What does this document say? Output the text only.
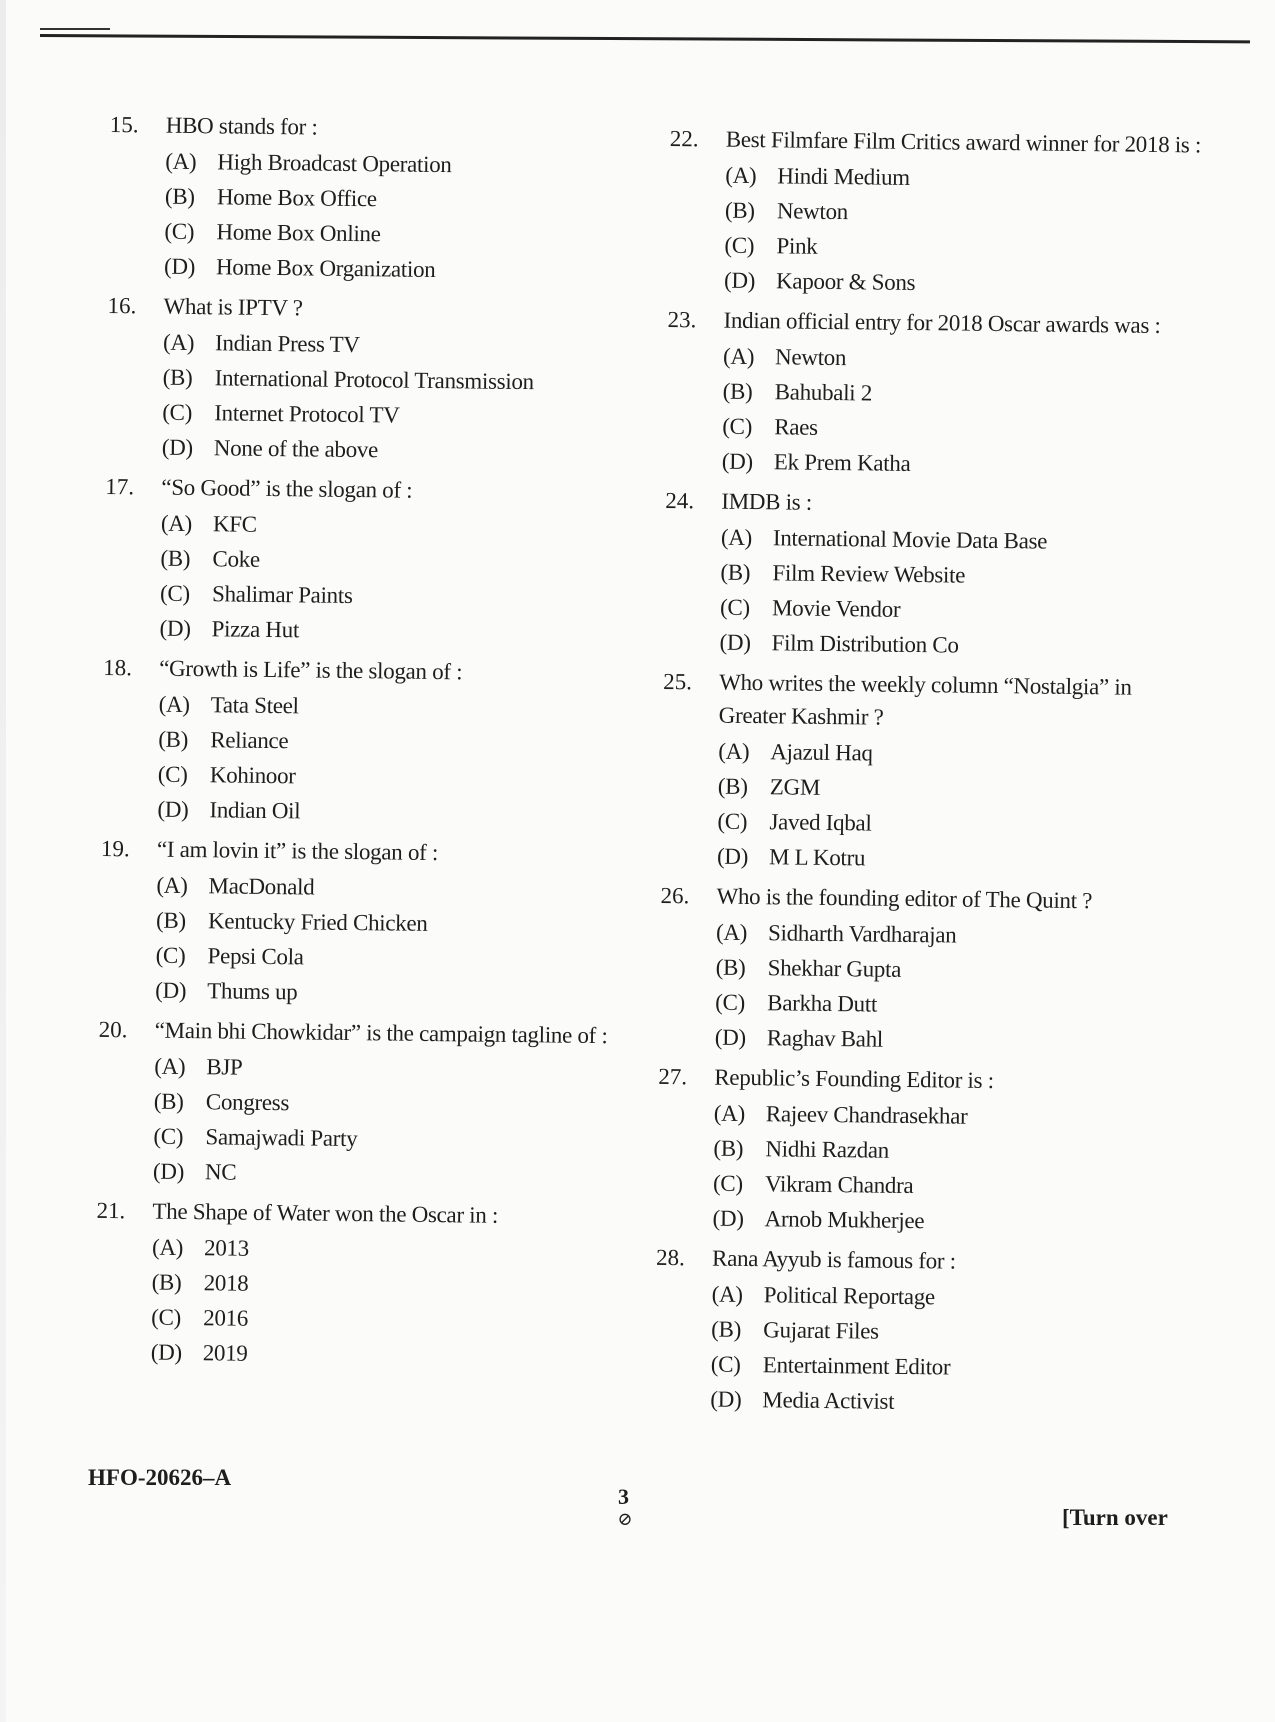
15.	HBO stands for :
(A) High Broadcast Operation
(B) Home Box Office
(C) Home Box Online
(D) Home Box Organization
16.	What is IPTV ?
(A) Indian Press TV
(B) International Protocol Transmission
(C) Internet Protocol TV
(D) None of the above
17.	“So Good” is the slogan of :
(A) KFC
(B) Coke
(C) Shalimar Paints
(D) Pizza Hut
18.	“Growth is Life” is the slogan of :
(A) Tata Steel
(B) Reliance
(C) Kohinoor
(D) Indian Oil
19.	“I am lovin it” is the slogan of :
(A) MacDonald
(B) Kentucky Fried Chicken
(C) Pepsi Cola
(D) Thums up
20.	“Main bhi Chowkidar” is the campaign tagline of :
(A) BJP
(B) Congress
(C) Samajwadi Party
(D) NC
21.	The Shape of Water won the Oscar in :
(A) 2013
(B) 2018
(C) 2016
(D) 2019
22.	Best Filmfare Film Critics award winner for 2018 is :
(A) Hindi Medium
(B) Newton
(C) Pink
(D) Kapoor & Sons
23.	Indian official entry for 2018 Oscar awards was :
(A) Newton
(B) Bahubali 2
(C) Raes
(D) Ek Prem Katha
24.	IMDB is :
(A) International Movie Data Base
(B) Film Review Website
(C) Movie Vendor
(D) Film Distribution Co
25.	Who writes the weekly column “Nostalgia” in Greater Kashmir ?
(A) Ajazul Haq
(B) ZGM
(C) Javed Iqbal
(D) M L Kotru
26.	Who is the founding editor of The Quint ?
(A) Sidharth Vardharajan
(B) Shekhar Gupta
(C) Barkha Dutt
(D) Raghav Bahl
27.	Republic’s Founding Editor is :
(A) Rajeev Chandrasekhar
(B) Nidhi Razdan
(C) Vikram Chandra
(D) Arnob Mukherjee
28.	Rana Ayyub is famous for :
(A) Political Reportage
(B) Gujarat Files
(C) Entertainment Editor
(D) Media Activist
HFO-20626–A
3
⊘	[Turn over
